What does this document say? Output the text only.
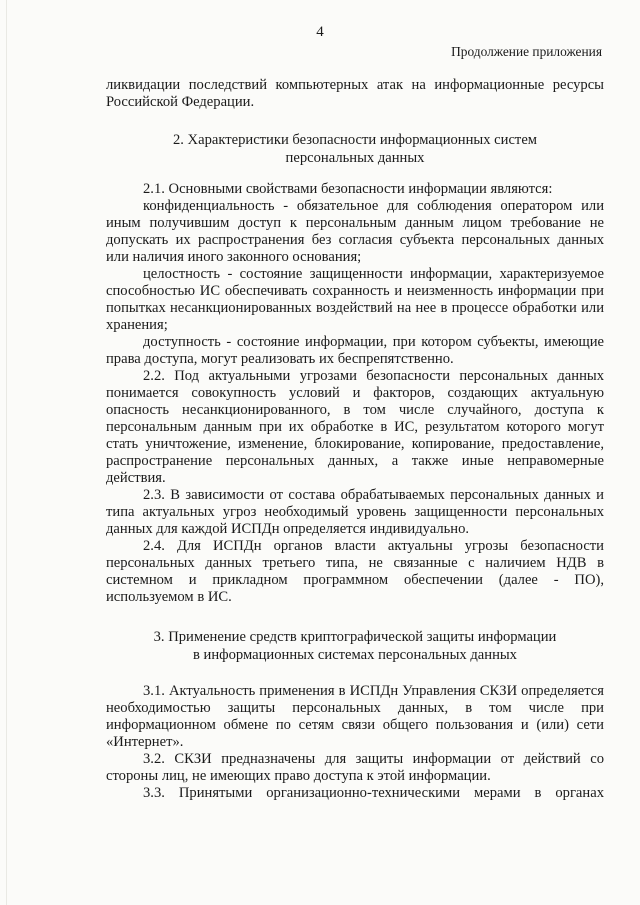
4
Продолжение приложения

ликвидации последствий компьютерных атак на информационные ресурсы

Российской Федерации.

2. Характеристики безопасности информационных систем
персональных данных

2.1. Основными свойствами безопасности информации являются:

конфиденциальность - обязательное для соблюдения оператором или иным получившим доступ к персональным данным лицом требование не допускать их распространения без согласия субъекта персональных данных или наличия иного законного основания;

целостность - состояние защищенности информации, характеризуемое способностью ИС обеспечивать сохранность и неизменность информации при попытках несанкционированных воздействий на нее в процессе обработки или хранения;

доступность - состояние информации, при котором субъекты, имеющие права доступа, могут реализовать их беспрепятственно.

2.2. Под актуальными угрозами безопасности персональных данных понимается совокупность условий и факторов, создающих актуальную опасность несанкционированного, в том числе случайного, доступа к персональным данным при их обработке в ИС, результатом которого могут стать уничтожение, изменение, блокирование, копирование, предоставление, распространение персональных данных, а также иные неправомерные действия.

2.3. В зависимости от состава обрабатываемых персональных данных и типа актуальных угроз необходимый уровень защищенности персональных данных для каждой ИСПДн определяется индивидуально.

2.4. Для ИСПДн органов власти актуальны угрозы безопасности персональных данных третьего типа, не связанные с наличием НДВ в системном и прикладном программном обеспечении (далее - ПО), используемом в ИС.

3. Применение средств криптографической защиты информации
в информационных системах персональных данных

3.1. Актуальность применения в ИСПДн Управления СКЗИ определяется необходимостью защиты персональных данных, в том числе при информационном обмене по сетям связи общего пользования и (или) сети «Интернет».

3.2. СКЗИ предназначены для защиты информации от действий со стороны лиц, не имеющих право доступа к этой информации.

3.3. Принятыми организационно-техническими мерами в органах
